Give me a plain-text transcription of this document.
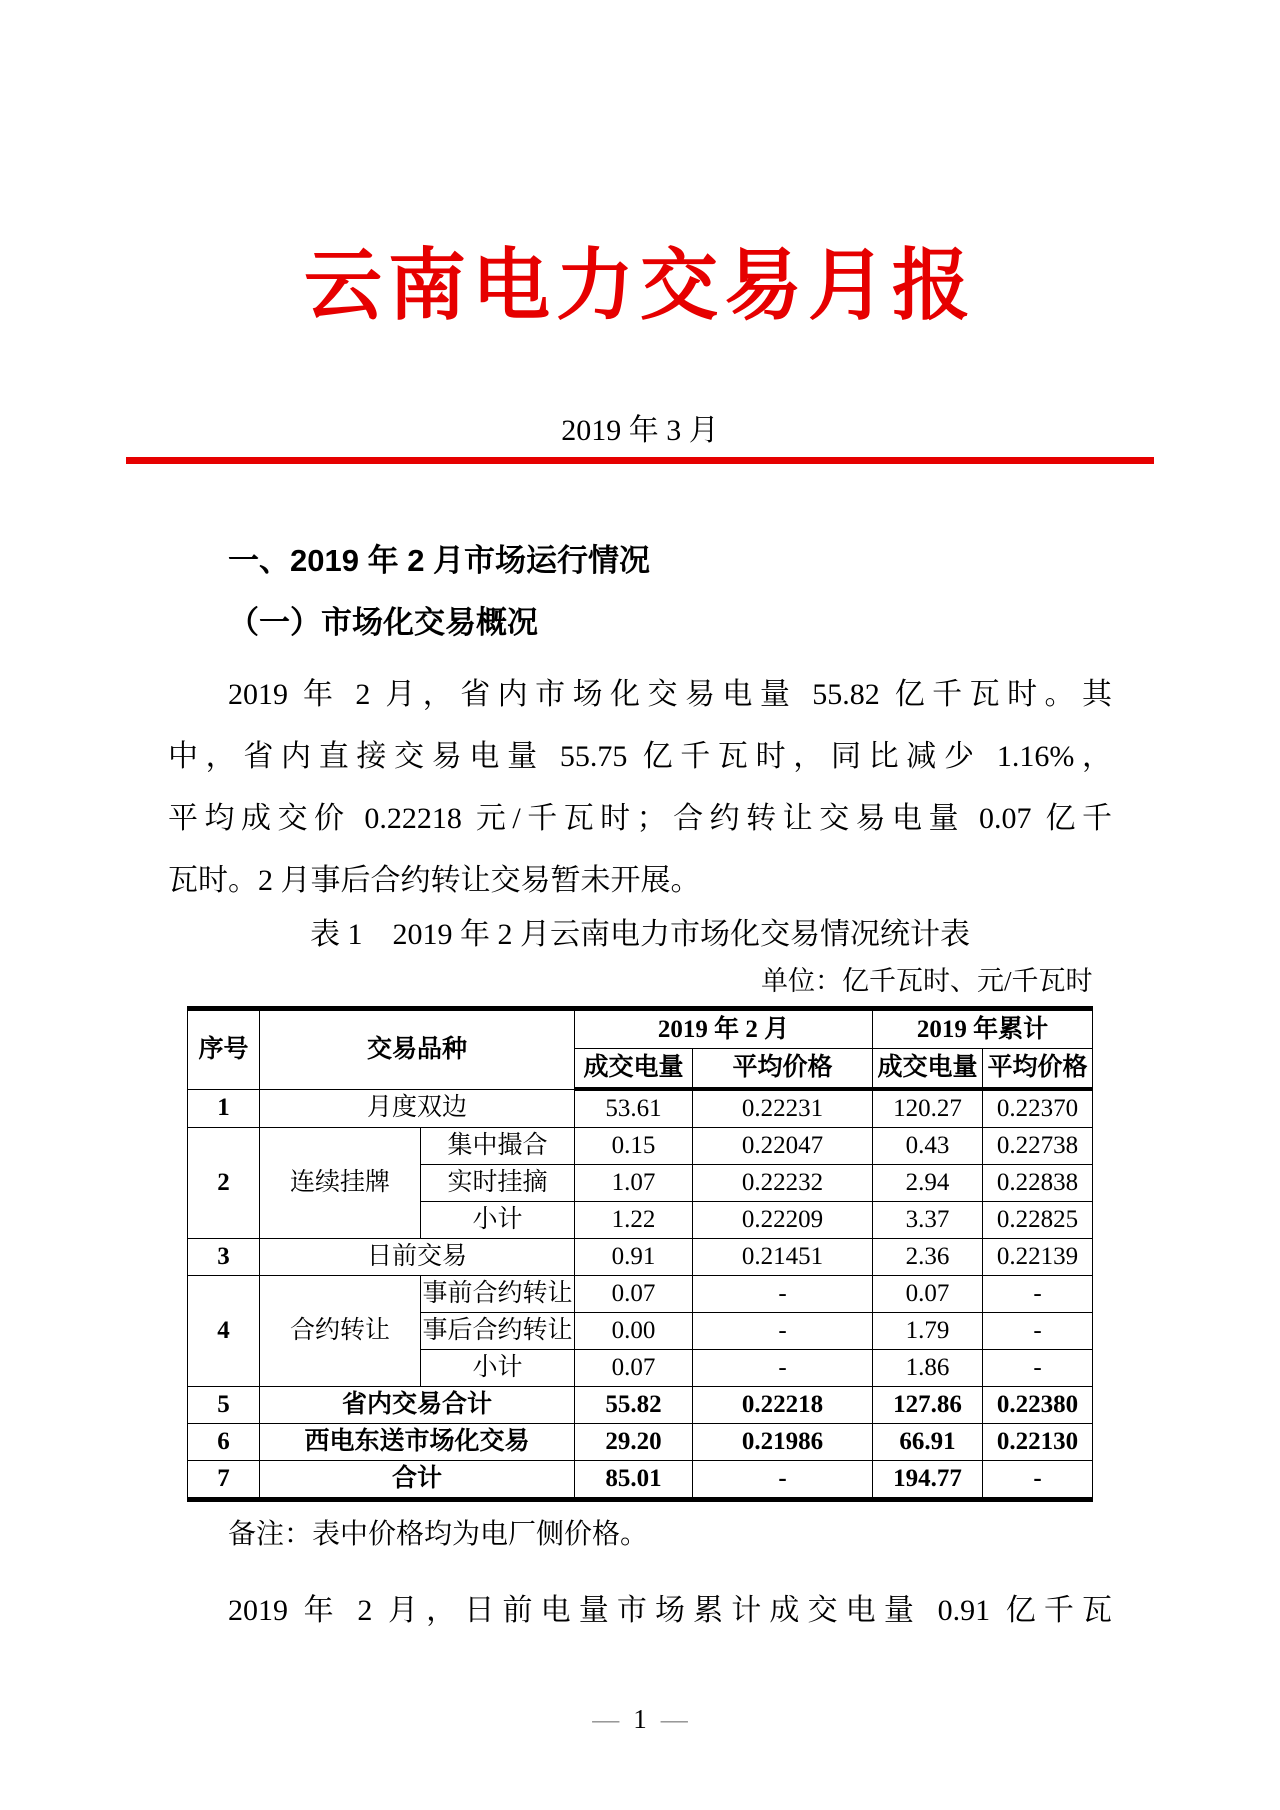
云南电力交易月报
2019 年 3 月
一、2019 年 2 月市场运行情况
（一）市场化交易概况
2019 年 2 月，省内市场化交易电量 55.82 亿千瓦时。其
中，省内直接交易电量 55.75 亿千瓦时，同比减少 1.16%，
平均成交价 0.22218 元/千瓦时；合约转让交易电量 0.07 亿千
瓦时。2 月事后合约转让交易暂未开展。
表 1　2019 年 2 月云南电力市场化交易情况统计表
单位：亿千瓦时、元/千瓦时
序号	交易品种		2019 年 2 月		2019 年累计	
			成交电量	平均价格	成交电量	平均价格
1	月度双边		53.61	0.22231	120.27	0.22370
2	连续挂牌	集中撮合	0.15	0.22047	0.43	0.22738
		实时挂摘	1.07	0.22232	2.94	0.22838
		小计	1.22	0.22209	3.37	0.22825
3	日前交易		0.91	0.21451	2.36	0.22139
4	合约转让	事前合约转让	0.07	-	0.07	-
		事后合约转让	0.00	-	1.79	-
		小计	0.07	-	1.86	-
5	省内交易合计		55.82	0.22218	127.86	0.22380
6	西电东送市场化交易		29.20	0.21986	66.91	0.22130
7	合计		85.01	-	194.77	-
备注：表中价格均为电厂侧价格。
2019 年 2 月，日前电量市场累计成交电量 0.91 亿千瓦
— 1 —
